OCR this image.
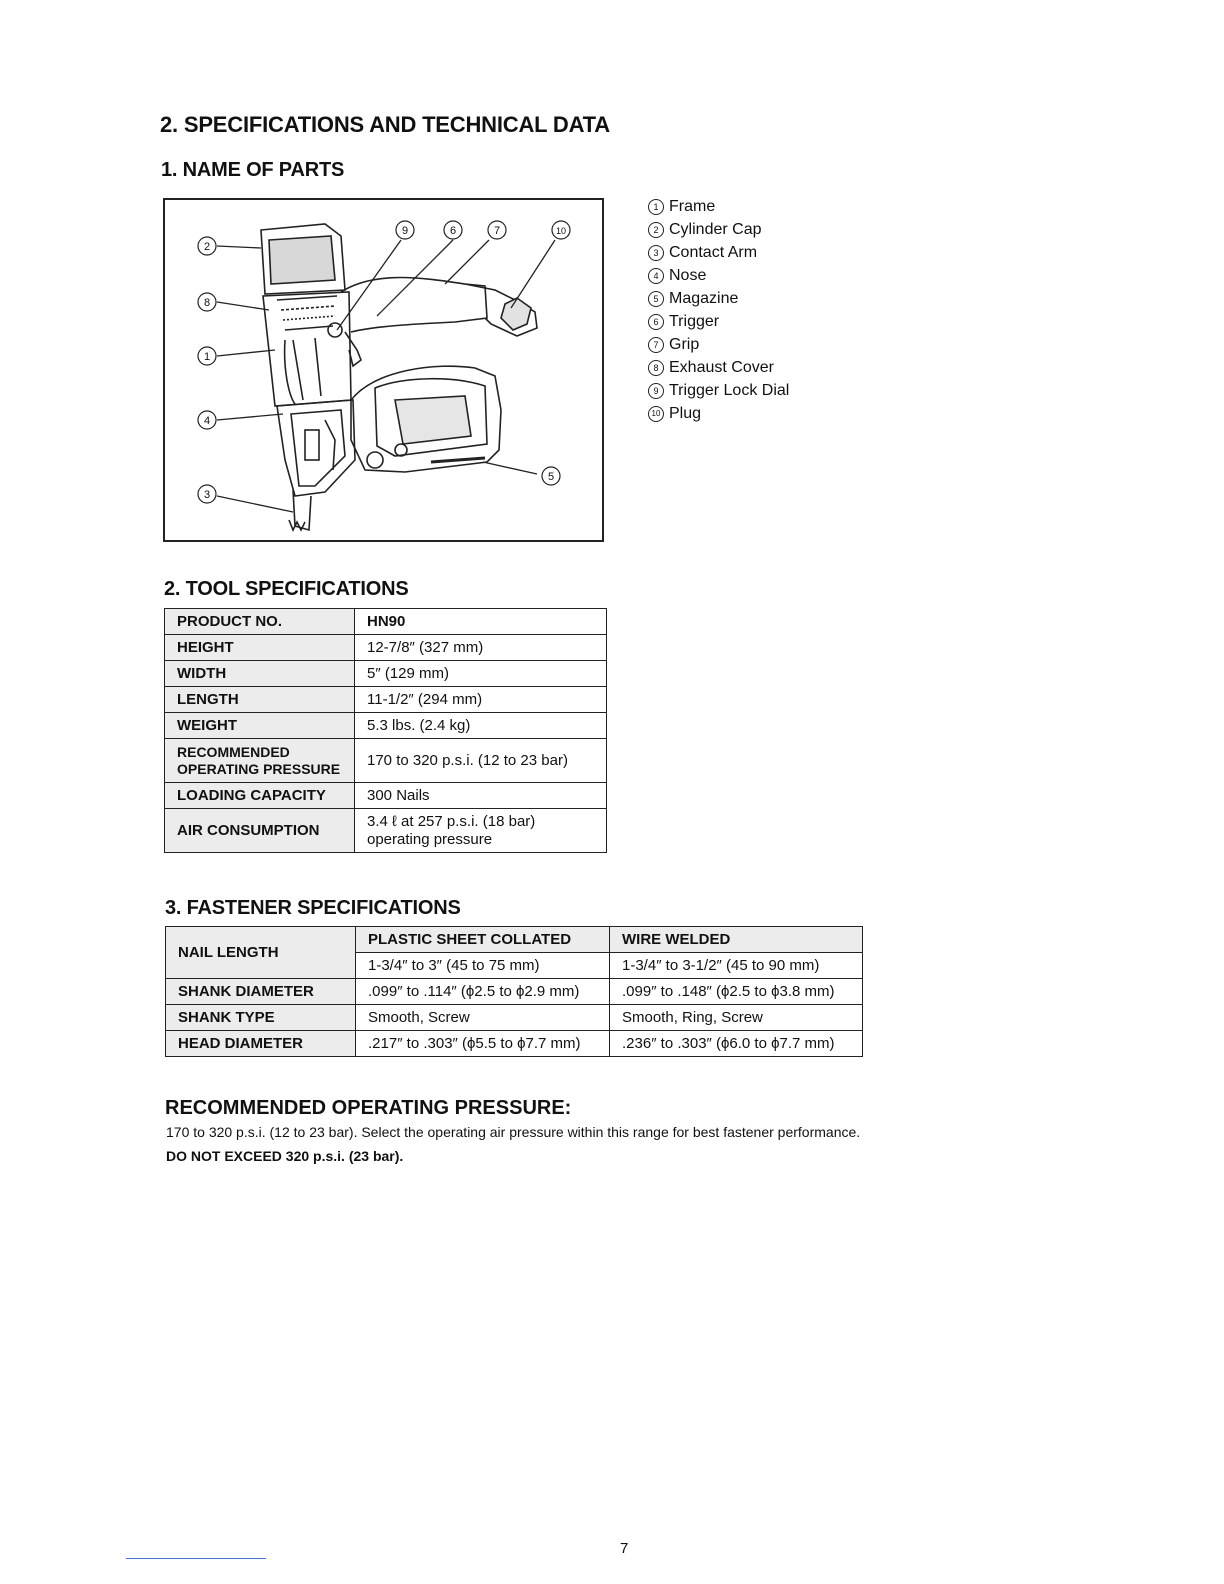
2. SPECIFICATIONS AND TECHNICAL DATA
1. NAME OF PARTS
2
8
1
4
3
9	6	7	10
5
1 Frame
2 Cylinder Cap
3 Contact Arm
4 Nose
5 Magazine
6 Trigger
7 Grip
8 Exhaust Cover
9 Trigger Lock Dial
10 Plug
2. TOOL SPECIFICATIONS
PRODUCT NO.	HN90
HEIGHT	12-7/8″ (327 mm)
WIDTH	5″ (129 mm)
LENGTH	11-1/2″ (294 mm)
WEIGHT	5.3 lbs. (2.4 kg)
RECOMMENDED OPERATING PRESSURE	170 to 320 p.s.i. (12 to 23 bar)
LOADING CAPACITY	300 Nails
AIR CONSUMPTION	3.4 ℓ at 257 p.s.i. (18 bar) operating pressure
3. FASTENER SPECIFICATIONS
NAIL LENGTH	PLASTIC SHEET COLLATED	WIRE WELDED
	1-3/4″ to 3″ (45 to 75 mm)	1-3/4″ to 3-1/2″ (45 to 90 mm)
SHANK DIAMETER	.099″ to .114″ (ϕ2.5 to ϕ2.9 mm)	.099″ to .148″ (ϕ2.5 to ϕ3.8 mm)
SHANK TYPE	Smooth, Screw	Smooth, Ring, Screw
HEAD DIAMETER	.217″ to .303″ (ϕ5.5 to ϕ7.7 mm)	.236″ to .303″ (ϕ6.0 to ϕ7.7 mm)
RECOMMENDED OPERATING PRESSURE:
170 to 320 p.s.i. (12 to 23 bar). Select the operating air pressure within this range for best fastener performance.
DO NOT EXCEED 320 p.s.i. (23 bar).
7
